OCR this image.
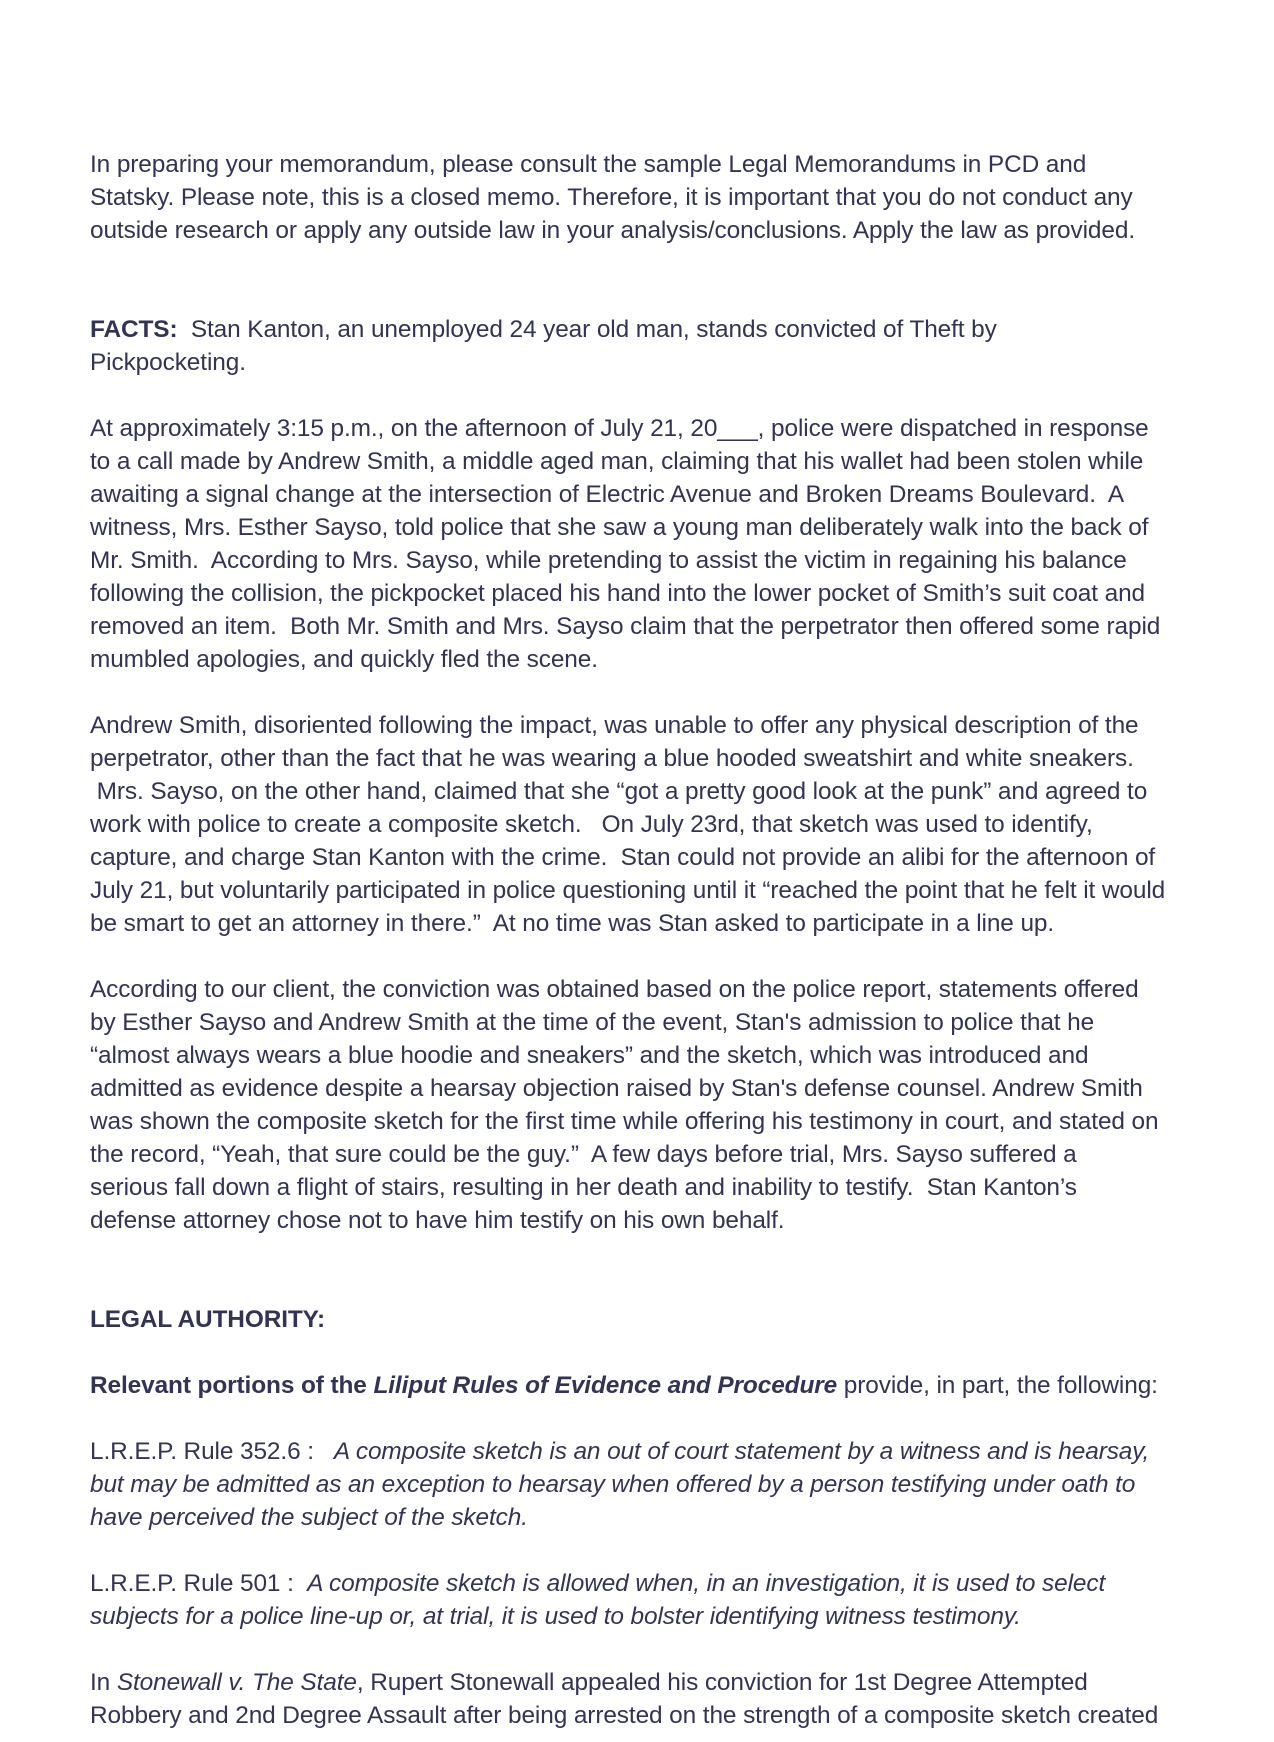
In preparing your memorandum, please consult the sample Legal Memorandums in PCD and
Statsky. Please note, this is a closed memo. Therefore, it is important that you do not conduct any
outside research or apply any outside law in your analysis/conclusions. Apply the law as provided.
FACTS:  Stan Kanton, an unemployed 24 year old man, stands convicted of Theft by
Pickpocketing.
At approximately 3:15 p.m., on the afternoon of July 21, 20___, police were dispatched in response
to a call made by Andrew Smith, a middle aged man, claiming that his wallet had been stolen while
awaiting a signal change at the intersection of Electric Avenue and Broken Dreams Boulevard.  A
witness, Mrs. Esther Sayso, told police that she saw a young man deliberately walk into the back of
Mr. Smith.  According to Mrs. Sayso, while pretending to assist the victim in regaining his balance
following the collision, the pickpocket placed his hand into the lower pocket of Smith’s suit coat and
removed an item.  Both Mr. Smith and Mrs. Sayso claim that the perpetrator then offered some rapid
mumbled apologies, and quickly fled the scene.
Andrew Smith, disoriented following the impact, was unable to offer any physical description of the
perpetrator, other than the fact that he was wearing a blue hooded sweatshirt and white sneakers.
Mrs. Sayso, on the other hand, claimed that she “got a pretty good look at the punk” and agreed to
work with police to create a composite sketch.   On July 23rd, that sketch was used to identify,
capture, and charge Stan Kanton with the crime.  Stan could not provide an alibi for the afternoon of
July 21, but voluntarily participated in police questioning until it “reached the point that he felt it would
be smart to get an attorney in there.”  At no time was Stan asked to participate in a line up.
According to our client, the conviction was obtained based on the police report, statements offered
by Esther Sayso and Andrew Smith at the time of the event, Stan's admission to police that he
“almost always wears a blue hoodie and sneakers” and the sketch, which was introduced and
admitted as evidence despite a hearsay objection raised by Stan's defense counsel. Andrew Smith
was shown the composite sketch for the first time while offering his testimony in court, and stated on
the record, “Yeah, that sure could be the guy.”  A few days before trial, Mrs. Sayso suffered a
serious fall down a flight of stairs, resulting in her death and inability to testify.  Stan Kanton’s
defense attorney chose not to have him testify on his own behalf.
LEGAL AUTHORITY:
Relevant portions of the Liliput Rules of Evidence and Procedure provide, in part, the following:
L.R.E.P. Rule 352.6 :   A composite sketch is an out of court statement by a witness and is hearsay,
but may be admitted as an exception to hearsay when offered by a person testifying under oath to
have perceived the subject of the sketch.
L.R.E.P. Rule 501 :  A composite sketch is allowed when, in an investigation, it is used to select
subjects for a police line-up or, at trial, it is used to bolster identifying witness testimony.
In Stonewall v. The State, Rupert Stonewall appealed his conviction for 1st Degree Attempted
Robbery and 2nd Degree Assault after being arrested on the strength of a composite sketch created
